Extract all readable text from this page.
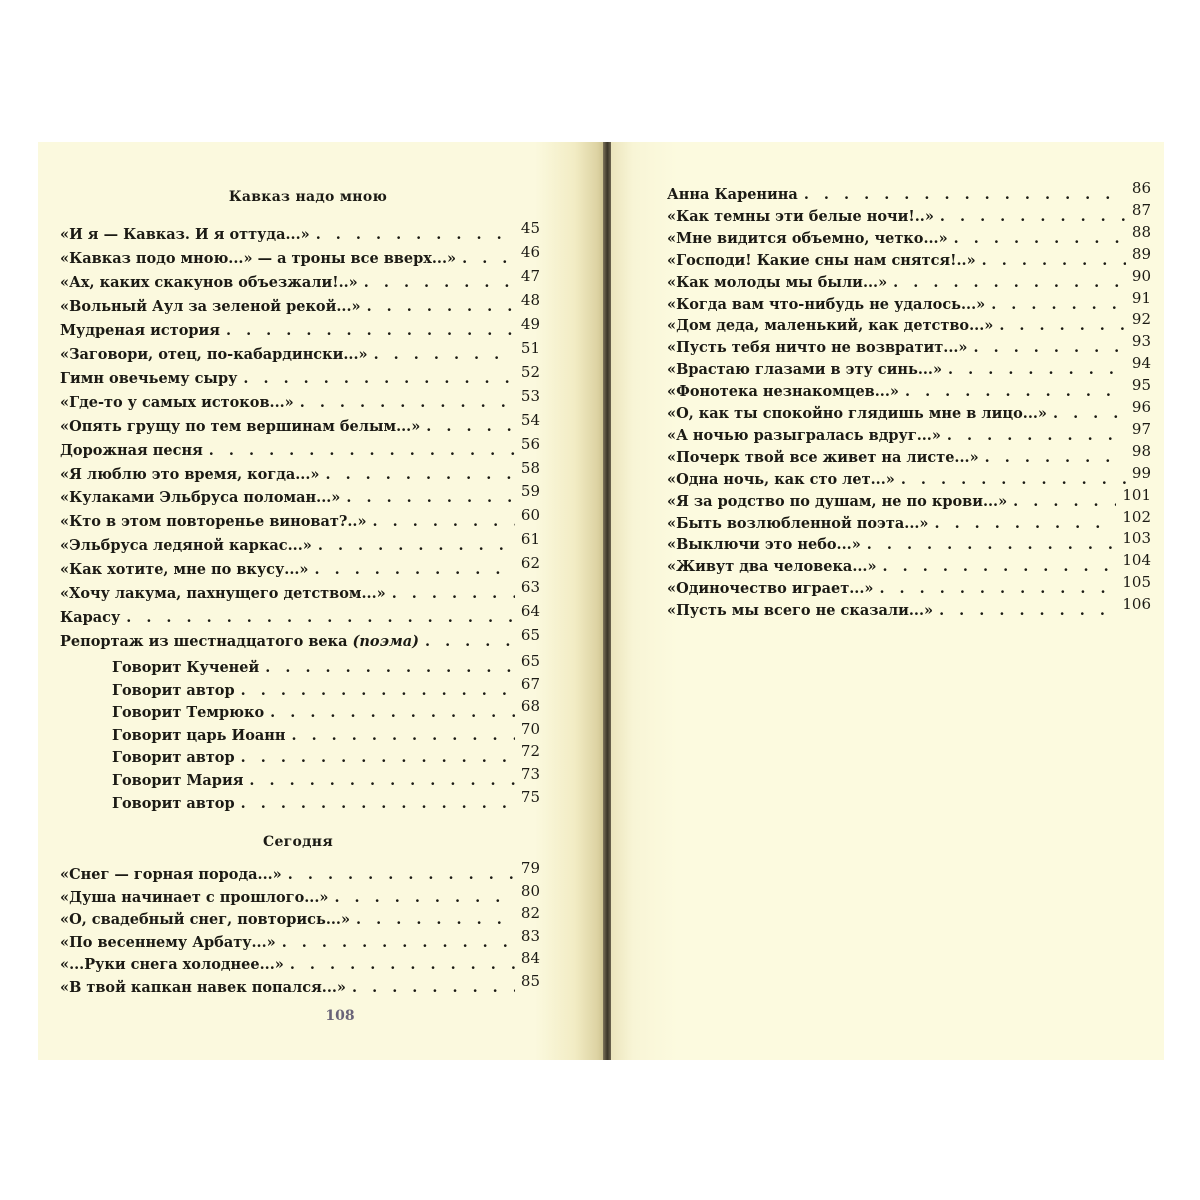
Кавказ надо мною
«И я — Кавказ. И я оттуда...» . . .	45
«Кавказ подо мною...» — а троны все вверх...» . . .	46
«Ах, каких скакунов объезжали!..» . . .	47
«Вольный Аул за зеленой рекой...» . . .	48
Мудреная история . . .	49
«Заговори, отец, по-кабардински...» . . .	51
Гимн овечьему сыру . . .	52
«Где-то у самых истоков...» . . .	53
«Опять грущу по тем вершинам белым...» . . .	54
Дорожная песня . . .	56
«Я люблю это время, когда...» . . .	58
«Кулаками Эльбруса поломан...» . . .	59
«Кто в этом повторенье виноват?..» . . .	60
«Эльбруса ледяной каркас...» . . .	61
«Как хотите, мне по вкусу...» . . .	62
«Хочу лакума, пахнущего детством...» . . .	63
Карасу . . .	64
Репортаж из шестнадцатого века (поэма) . . .	65
Говорит Кученей . . .	65
Говорит автор . . .	67
Говорит Темрюко . . .	68
Говорит царь Иоанн . . .	70
Говорит автор . . .	72
Говорит Мария . . .	73
Говорит автор . . .	75
Сегодня
«Снег — горная порода...» . . .	79
«Душа начинает с прошлого...» . . .	80
«О, свадебный снег, повторись...» . . .	82
«По весеннему Арбату...» . . .	83
«...Руки снега холоднее...» . . .	84
«В твой капкан навек попался...» . . .	85
108
Анна Каренина . . .	86
«Как темны эти белые ночи!..» . . .	87
«Мне видится объемно, четко...» . . .	88
«Господи! Какие сны нам снятся!..» . . .	89
«Как молоды мы были...» . . .	90
«Когда вам что-нибудь не удалось...» . . .	91
«Дом деда, маленький, как детство...» . . .	92
«Пусть тебя ничто не возвратит...» . . .	93
«Врастаю глазами в эту синь...» . . .	94
«Фонотека незнакомцев...» . . .	95
«О, как ты спокойно глядишь мне в лицо...» . . .	96
«А ночью разыгралась вдруг...» . . .	97
«Почерк твой все живет на листе...» . . .	98
«Одна ночь, как сто лет...» . . .	99
«Я за родство по душам, не по крови...» . . .	101
«Быть возлюбленной поэта...» . . .	102
«Выключи это небо...» . . .	103
«Живут два человека...» . . .	104
«Одиночество играет...» . . .	105
«Пусть мы всего не сказали...» . . .	106
